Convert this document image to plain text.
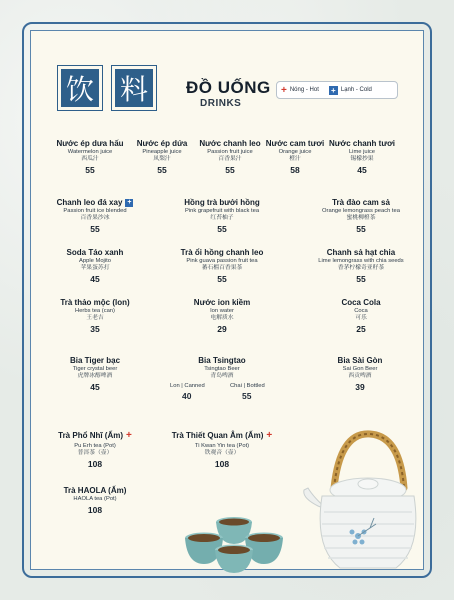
饮 料	ĐỒ UỐNG
DRINKS
+ Nóng - Hot + Lạnh - Cold
Nước ép dưa hấu
Watermelon juice
西瓜汁
55
Nước ép dứa
Pineapple juice
凤梨汁
55
Nước chanh leo
Passion fruit juice
百香果汁
55
Nước cam tươi
Orange juice
橙汁
58
Nước chanh tươi
Lime juice
锡檬抄果
45
Chanh leo đá xay +
Passion fruit ice blended
百香果沙冰
55
Soda Táo xanh
Apple Mojito
苹果蛋苏打
45
Trà thảo mộc (lon)
Herbs tea (can)
王老吉
35
Hồng trà bưởi hồng
Pink grapefruit with black tea
红苔柚子
55
Trà ổi hồng chanh leo
Pink guava passion fruit tea
蕃石榴百香果茶
55
Nước ion kiềm
Ion water
电解质水
29
Trà đào cam sả
Orange lemongrass peach tea
蜜桃柳橙茶
55
Chanh sả hạt chia
Lime lemongrass with chia seeds
香茅柠檬奇亚籽茶
55
Coca Cola
Coca
可乐
25
Bia Tiger bạc
Tiger crystal beer
虎牌冰醇啤酒
45
Bia Tsingtao
Tsingtao Beer
青岛啤酒
Lon | Canned	Chai | Bottled
40	55
Bia Sài Gòn
Sai Gon Beer
西贡啤酒
39
Trà Phổ Nhĩ (Ấm) +
Pu Erh tea (Pot)
普洱茶（壶）
108
Trà Thiết Quan Âm (Ấm) +
Ti Kwan Yin tea (Pot)
铁观音（壶）
108
Trà HAOLA (Ấm)
HAOLA tea (Pot)
108
